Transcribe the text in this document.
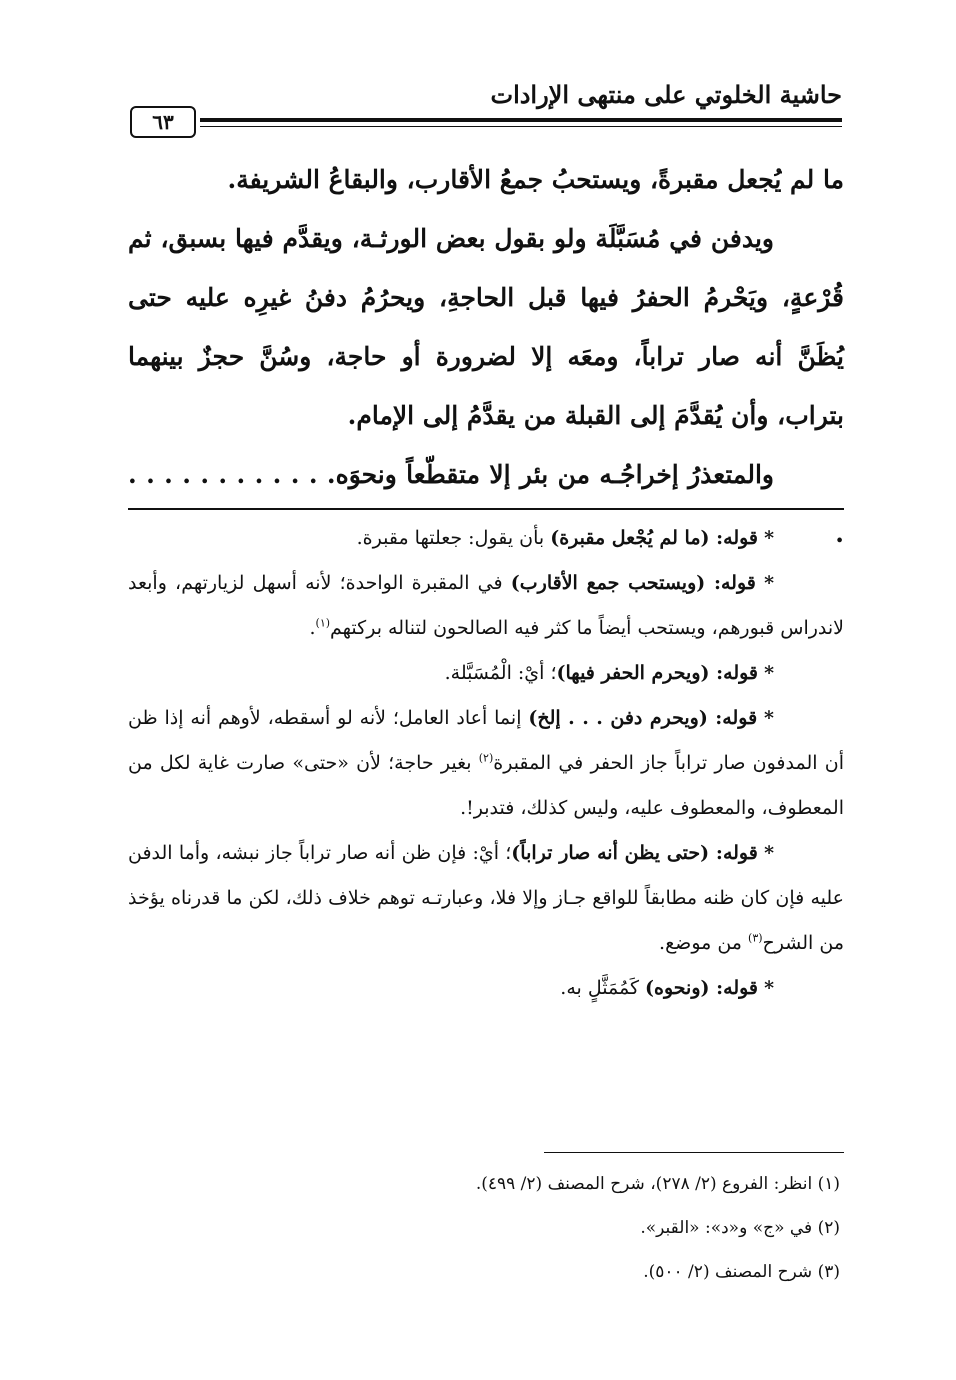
حاشية الخلوتي على منتهى الإرادات
٦٣

ما لم يُجعل مقبرةً، ويستحبُ جمعُ الأقارب، والبقاعُ الشريفة.

ويدفن في مُسَبَّلَة ولو بقول بعض الورثـة، ويقدَّم فيها بسبق، ثم قُرْعةٍ، ويَحْرمُ الحفرُ فيها قبل الحاجةِ، ويحرُمُ دفنُ غيرِه عليه حتى يُظَنَّ أنه صار تراباً، ومعَه إلا لضرورة أو حاجة، وسُنَّ حجزٌ بينهما بتراب، وأن يُقدَّمَ إلى القبلة من يقدَّمُ إلى الإمام.

والمتعذرُ إخراجُـه من بئر إلا متقطّعاً ونحوَه. . . . . . . . . . . . .

* قوله: (ما لم يُجْعل مقبرة) بأن يقول: جعلتها مقبرة.

* قوله: (ويستحب جمع الأقارب) في المقبرة الواحدة؛ لأنه أسهل لزيارتهم، وأبعد لاندراس قبورهم، ويستحب أيضاً ما كثر فيه الصالحون لتناله بركتهم$^{(١)}$.

* قوله: (ويحرم الحفر فيها)؛ أيْ: الْمُسَبَّلة.

* قوله: (ويحرم دفن . . . إلخ) إنما أعاد العامل؛ لأنه لو أسقطه، لأوهم أنه إذا ظن أن المدفون صار تراباً جاز الحفر في المقبرة$^{(٢)}$ بغير حاجة؛ لأن «حتى» صارت غاية لكل من المعطوف، والمعطوف عليه، وليس كذلك، فتدبر!.

* قوله: (حتى يظن أنه صار تراباً)؛ أيْ: فإن ظن أنه صار تراباً جاز نبشه، وأما الدفن عليه فإن كان ظنه مطابقاً للواقع جـاز وإلا فلا، وعبارتـه توهم خلاف ذلك، لكن ما قدرناه يؤخذ من الشرح$^{(٣)}$ من موضع.

* قوله: (ونحوه) كَمُمَثَّلٍ به.

(١) انظر: الفروع (٢/ ٢٧٨)، شرح المصنف (٢/ ٤٩٩).

(٢) في «ج» و«د»: «القبر».

(٣) شرح المصنف (٢/ ٥٠٠).
